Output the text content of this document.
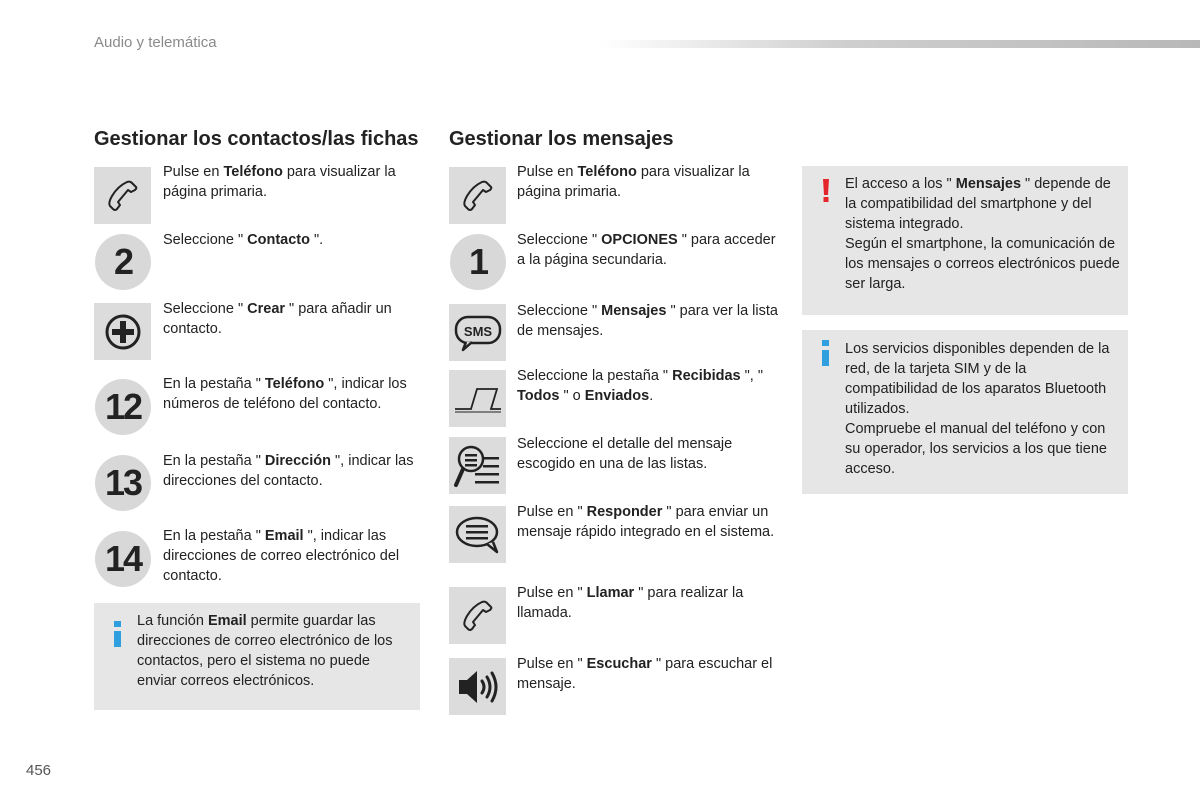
Audio y telemática
Gestionar los contactos/las fichas
Pulse en Teléfono para visualizar la página primaria.
2
Seleccione " Contacto ".
Seleccione " Crear " para añadir un contacto.
12
En la pestaña " Teléfono ", indicar los números de teléfono del contacto.
13
En la pestaña " Dirección ", indicar las direcciones del contacto.
14
En la pestaña " Email ", indicar las direcciones de correo electrónico del contacto.
La función Email permite guardar las direcciones de correo electrónico de los contactos, pero el sistema no puede enviar correos electrónicos.
Gestionar los mensajes
Pulse en Teléfono para visualizar la página primaria.
1
Seleccione " OPCIONES " para acceder a la página secundaria.
SMS
Seleccione " Mensajes " para ver la lista de mensajes.
Seleccione la pestaña " Recibidas ", " Todos " o Enviados.
Seleccione el detalle del mensaje escogido en una de las listas.
Pulse en " Responder " para enviar un mensaje rápido integrado en el sistema.
Pulse en " Llamar " para realizar la llamada.
Pulse en " Escuchar " para escuchar el mensaje.
El acceso a los " Mensajes " depende de la compatibilidad del smartphone y del sistema integrado.
Según el smartphone, la comunicación de los mensajes o correos electrónicos puede ser larga.
Los servicios disponibles dependen de la red, de la tarjeta SIM y de la compatibilidad de los aparatos Bluetooth utilizados.
Compruebe el manual del teléfono y con su operador, los servicios a los que tiene acceso.
456
